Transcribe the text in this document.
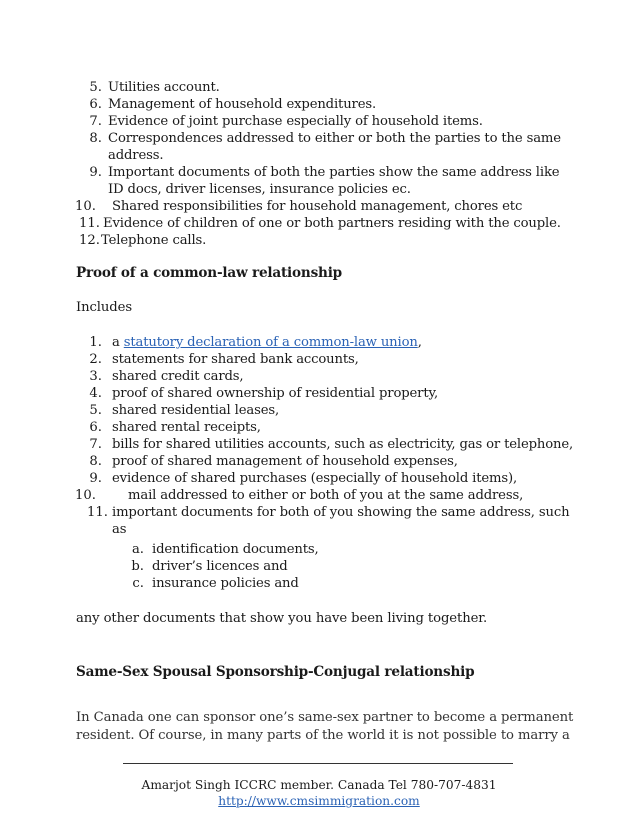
5. Utilities account.
6. Management of household expenditures.
7. Evidence of joint purchase especially of household items.
8. Correspondences addressed to either or both the parties to the same
address.
9. Important documents of both the parties show the same address like
ID docs, driver licenses, insurance policies ec.
10. Shared responsibilities for household management, chores etc
11. Evidence of children of one or both partners residing with the couple.
12. Telephone calls.
Proof of a common-law relationship
Includes
1. a statutory declaration of a common-law union,
2. statements for shared bank accounts,
3. shared credit cards,
4. proof of shared ownership of residential property,
5. shared residential leases,
6. shared rental receipts,
7. bills for shared utilities accounts, such as electricity, gas or telephone,
8. proof of shared management of household expenses,
9. evidence of shared purchases (especially of household items),
10. mail addressed to either or both of you at the same address,
11. important documents for both of you showing the same address, such
as
a. identification documents,
b. driver’s licences and
c. insurance policies and
any other documents that show you have been living together.
Same-Sex Spousal Sponsorship-Conjugal relationship
In Canada one can sponsor one’s same-sex partner to become a permanent
resident. Of course, in many parts of the world it is not possible to marry a
Amarjot Singh ICCRC member. Canada Tel 780-707-4831
http://www.cmsimmigration.com
